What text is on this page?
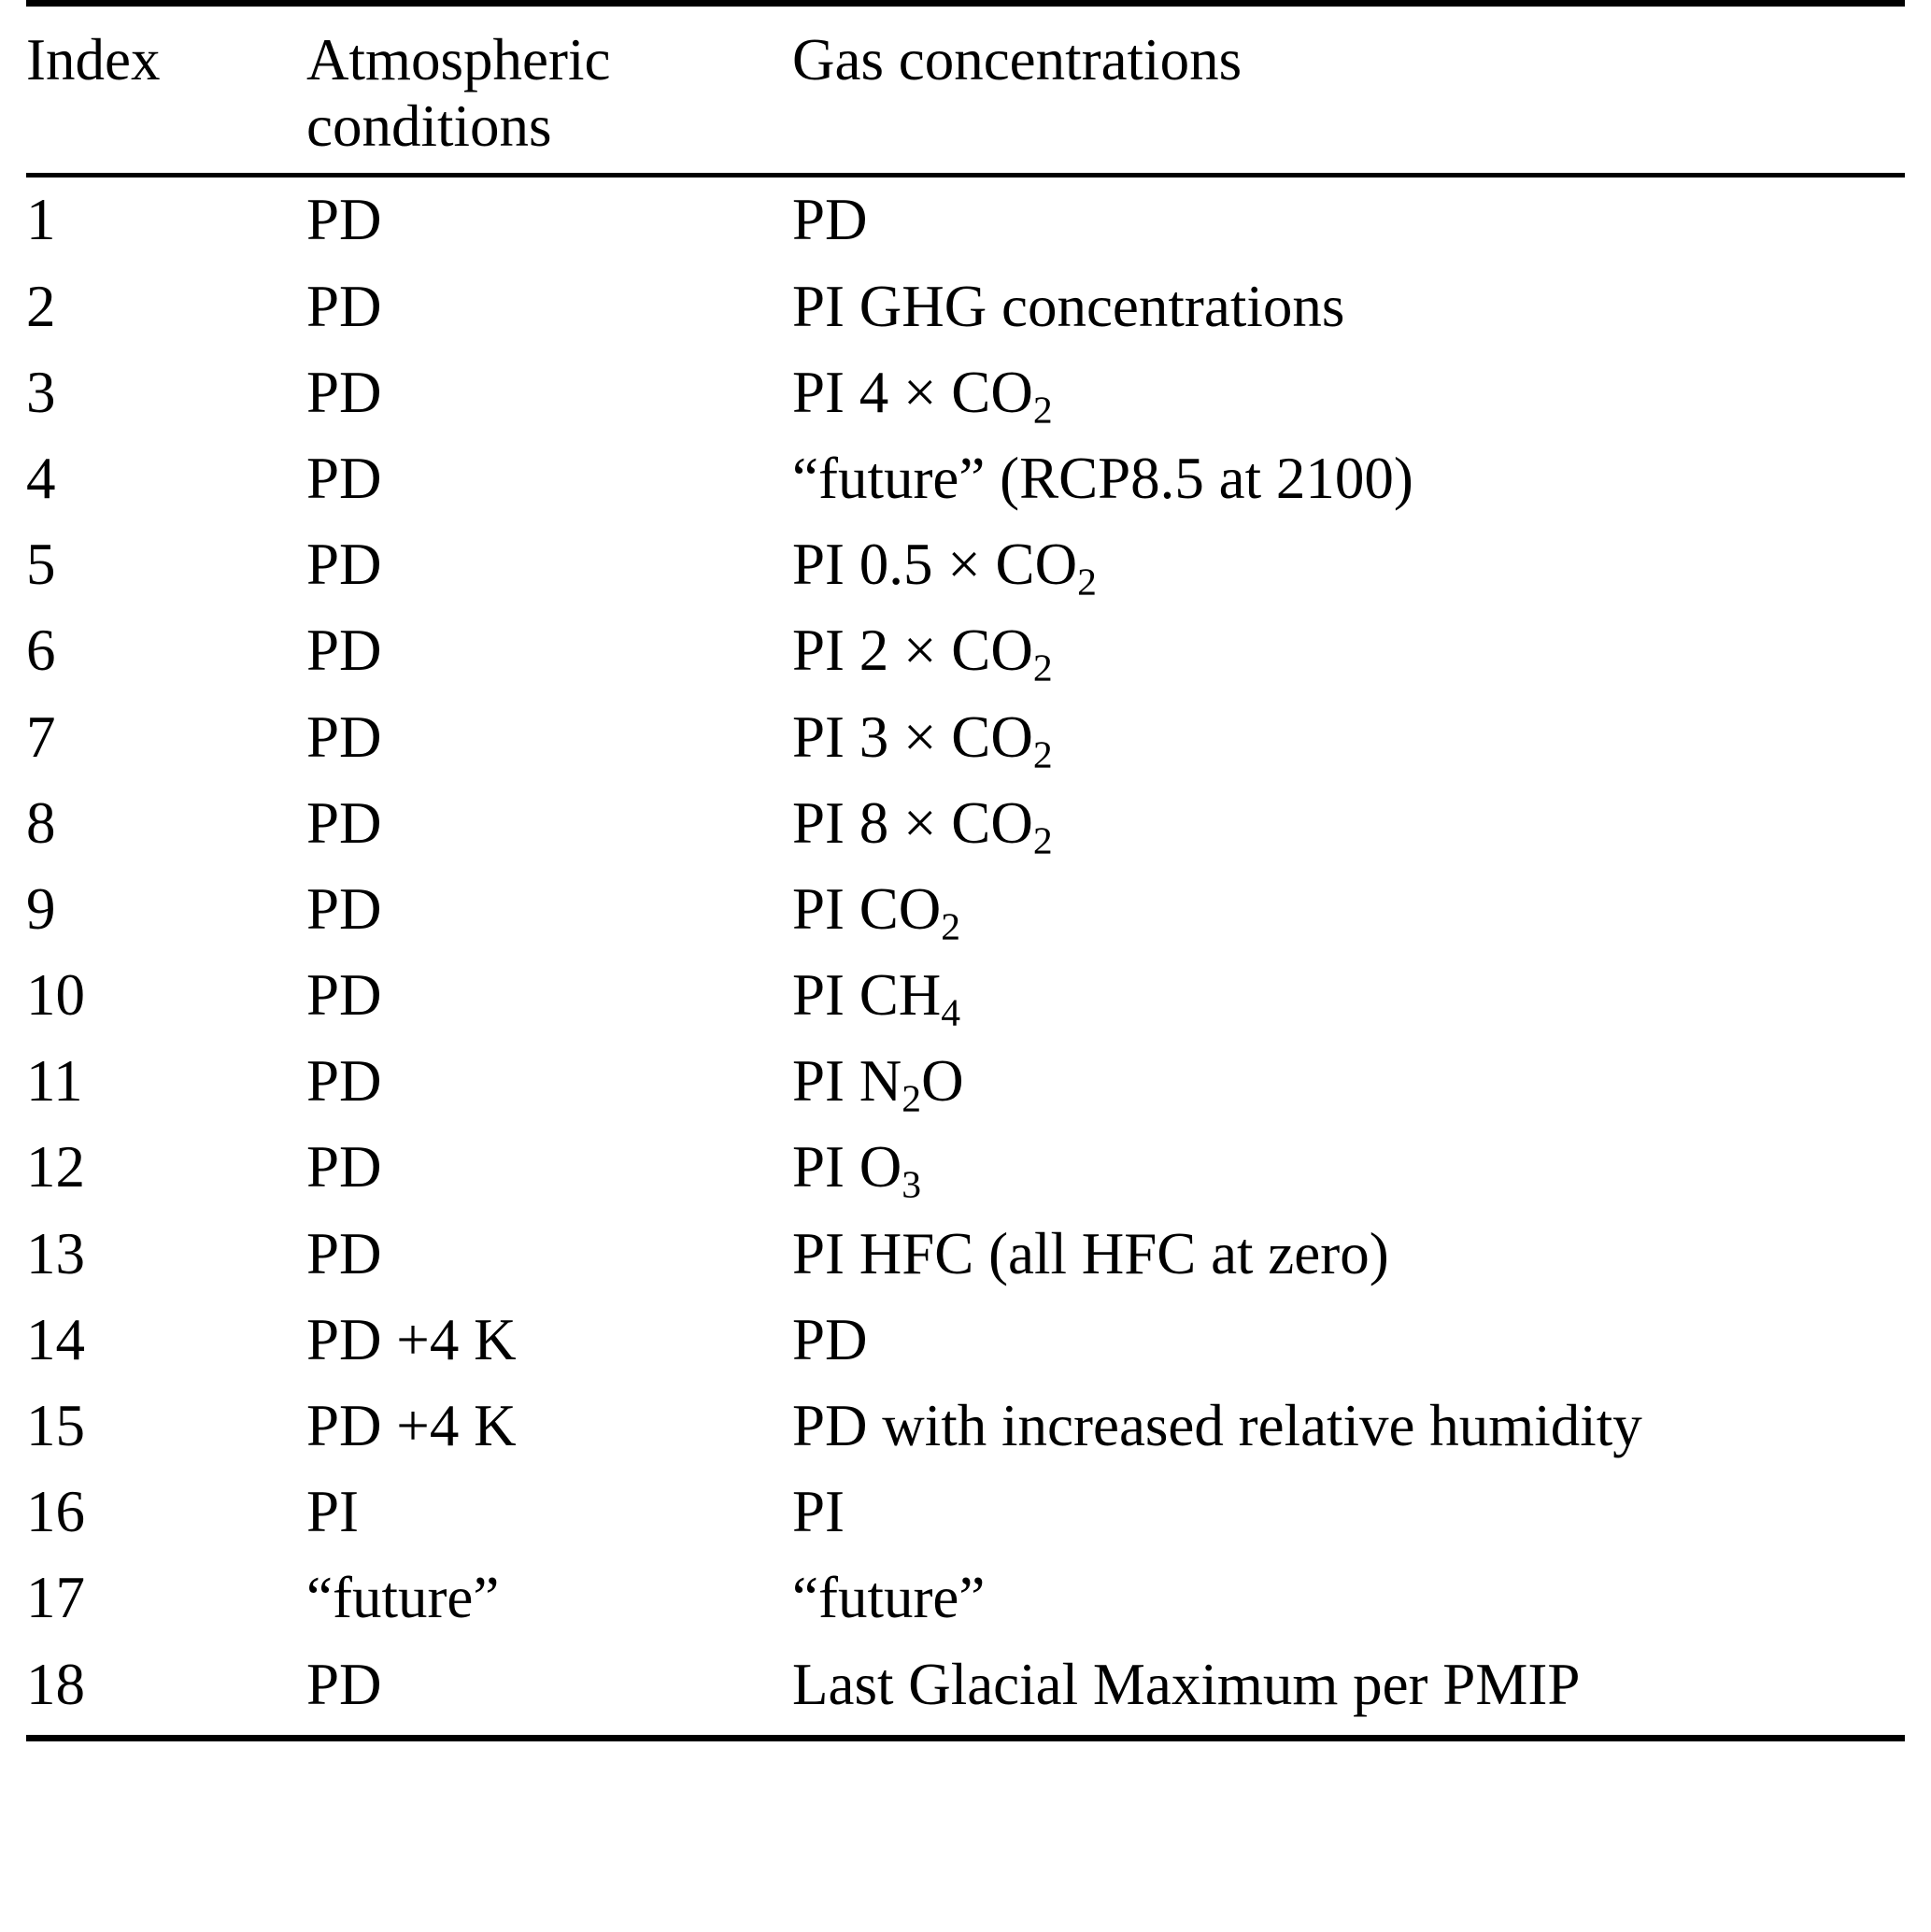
Index	Atmospheric conditions	Gas concentrations

1	PD	PD
2	PD	PI GHG concentrations
3	PD	PI $4 \times CO_2$
4	PD	“future” (RCP8.5 at 2100)
5	PD	PI $0.5 \times CO_2$
6	PD	PI $2 \times CO_2$
7	PD	PI $3 \times CO_2$
8	PD	PI $8 \times CO_2$
9	PD	PI $CO_2$
10	PD	PI $CH_4$
11	PD	PI $N_2O$
12	PD	PI $O_3$
13	PD	PI HFC (all HFC at zero)
14	PD +4 K	PD
15	PD +4 K	PD with increased relative humidity
16	PI	PI
17	“future”	“future”
18	PD	Last Glacial Maximum per PMIP
